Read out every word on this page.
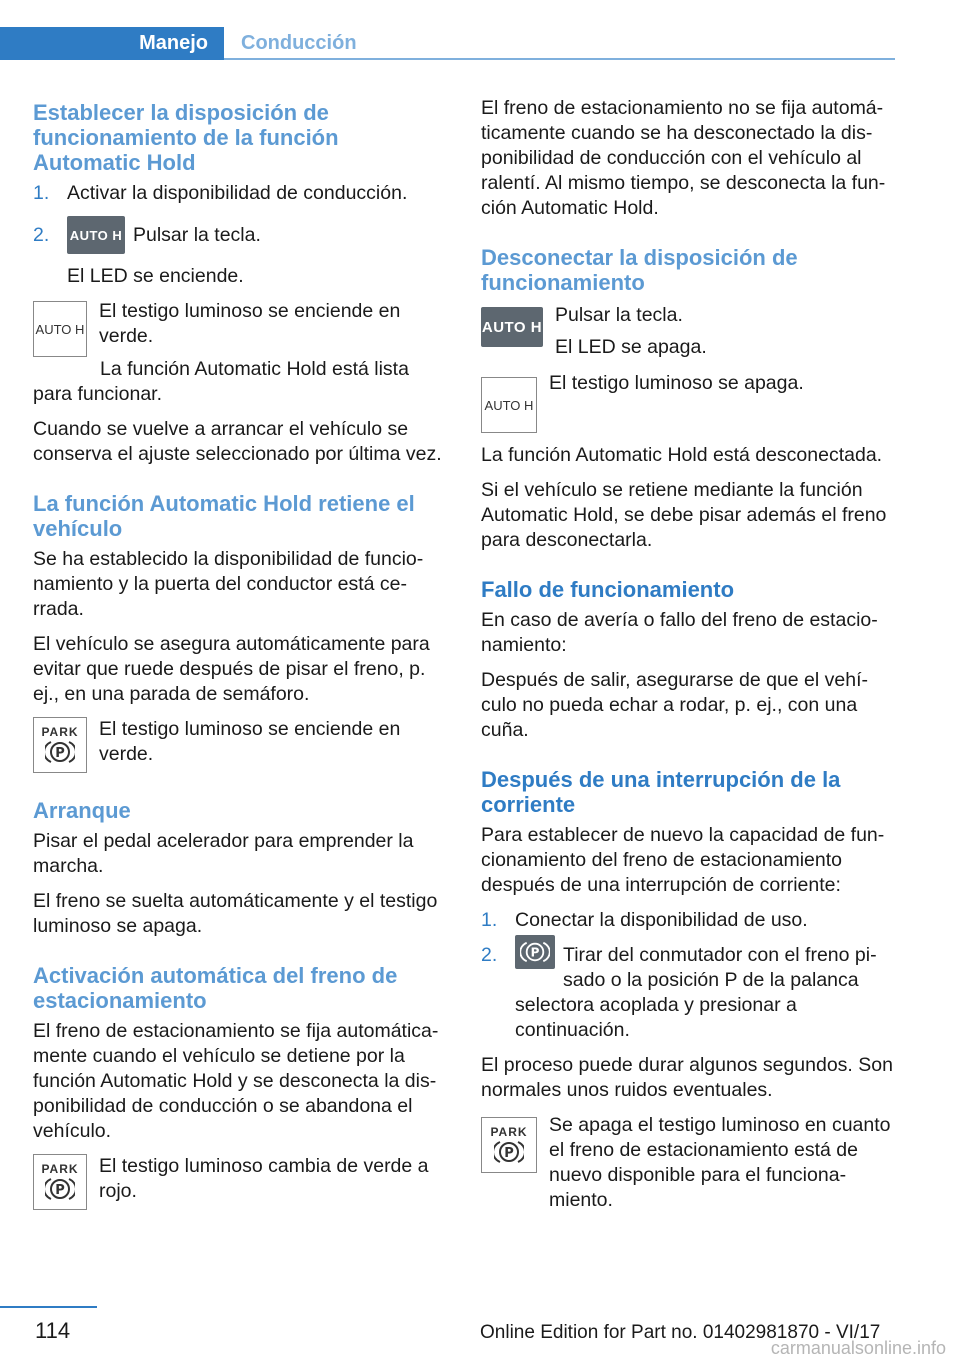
Manejo	Conducción
Establecer la disposición de funcionamiento de la función Automatic Hold
1. Activar la disponibilidad de conducción.
2.	AUTO H Pulsar la tecla.

El LED se enciende.

AUTO H

El testigo luminoso se enciende en verde.

La función Automatic Hold está lista para funcionar.

Cuando se vuelve a arrancar el vehículo se conserva el ajuste seleccionado por última vez.

La función Automatic Hold retiene el vehículo

Se ha establecido la disponibilidad de funcionamiento y la puerta del conductor está cerrada.

El vehículo se asegura automáticamente para evitar que ruede después de pisar el freno, p. ej., en una parada de semáforo.

PARK
P

El testigo luminoso se enciende en verde.

Arranque

Pisar el pedal acelerador para emprender la marcha.

El freno se suelta automáticamente y el testigo luminoso se apaga.

Activación automática del freno de estacionamiento

El freno de estacionamiento se fija automáticamente cuando el vehículo se detiene por la función Automatic Hold y se desconecta la disponibilidad de conducción o se abandona el vehículo.

PARK
P

El testigo luminoso cambia de verde a rojo.

El freno de estacionamiento no se fija automáticamente cuando se ha desconectado la disponibilidad de conducción con el vehículo al ralentí. Al mismo tiempo, se desconecta la función Automatic Hold.

Desconectar la disposición de funcionamiento
AUTO H

Pulsar la tecla.

El LED se apaga.

AUTO H

El testigo luminoso se apaga.

La función Automatic Hold está desconectada.

Si el vehículo se retiene mediante la función Automatic Hold, se debe pisar además el freno para desconectarla.

Fallo de funcionamiento

En caso de avería o fallo del freno de estacionamiento:

Después de salir, asegurarse de que el vehículo no pueda echar a rodar, p. ej., con una cuña.

Después de una interrupción de la corriente

Para establecer de nuevo la capacidad de funcionamiento del freno de estacionamiento después de una interrupción de corriente:

1. Conectar la disponibilidad de uso.
2.	P Tirar del conmutador con el freno pisado o la posición P de la palanca selectora acoplada y presionar a continuación.

El proceso puede durar algunos segundos. Son normales unos ruidos eventuales.

PARK
P

Se apaga el testigo luminoso en cuanto el freno de estacionamiento está de nuevo disponible para el funcionamiento.

114	Online Edition for Part no. 01402981870 - VI/17
carmanualsonline.info
